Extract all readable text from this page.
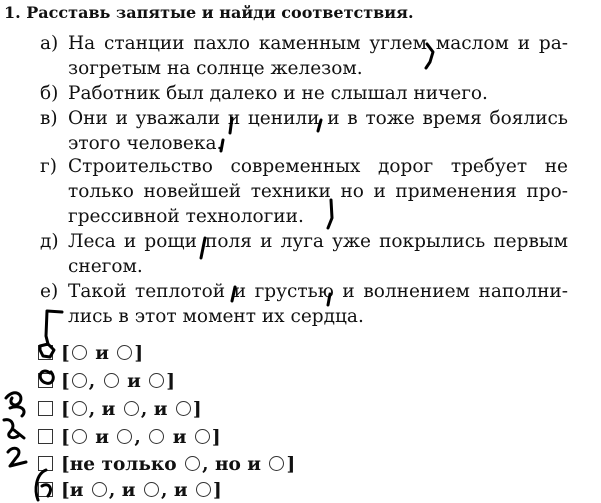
1. Расставь запятые и найди соответствия.
а) На станции пахло каменным углем маслом и ра-
зогретым на солнце железом.
б) Работник был далеко и не слышал ничего.
в) Они и уважали и ценили и в тоже время боялись
этого человека.
г) Строительство современных дорог требует не
только новейшей техники но и применения про-
грессивной технологии.
д) Леса и рощи поля и луга уже покрылись первым
снегом.
е) Такой теплотой и грустью и волнением наполни-
лись в этот момент их сердца.
[ и ]
[ ,  и ]
[ , и , и ]
[ и ,  и ]
[не только , но и ]
[и , и , и ]
